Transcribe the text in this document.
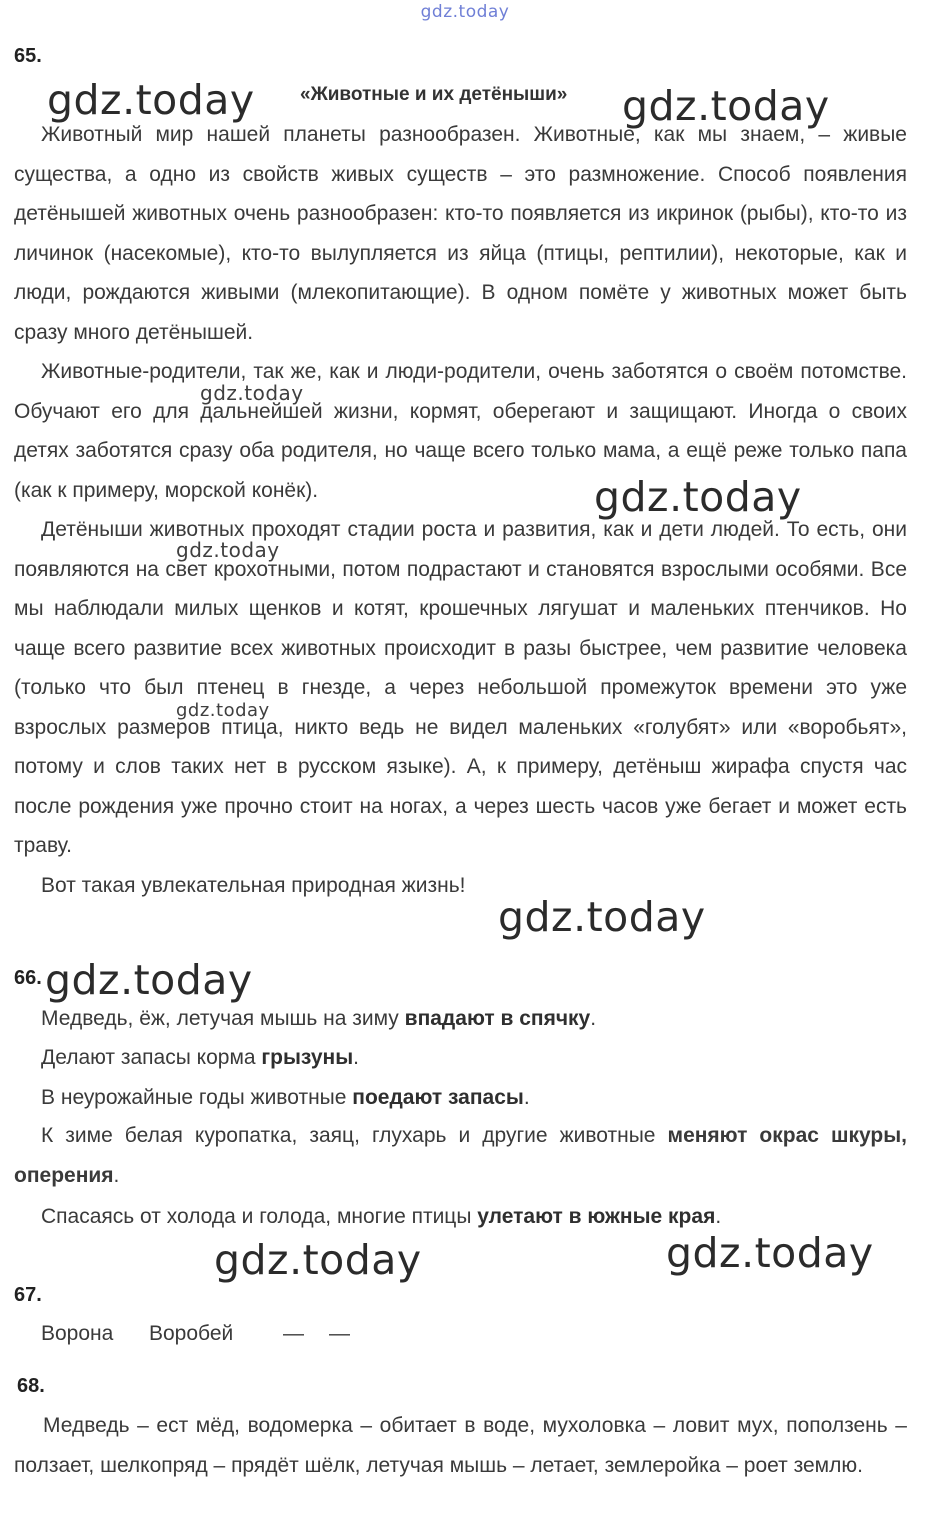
gdz.today
65.
«Животные и их детёныши»

Животный мир нашей планеты разнообразен. Животные, как мы знаем, – живые существа, а одно из свойств живых существ – это размножение. Способ появления детёнышей животных очень разнообразен: кто-то появляется из икринок (рыбы), кто-то из личинок (насекомые), кто-то вылупляется из яйца (птицы, рептилии), некоторые, как и люди, рождаются живыми (млекопитающие). В одном помёте у животных может быть сразу много детёнышей.

Животные-родители, так же, как и люди-родители, очень заботятся о своём потомстве. Обучают его для дальнейшей жизни, кормят, оберегают и защищают. Иногда о своих детях заботятся сразу оба родителя, но чаще всего только мама, а ещё реже только папа (как к примеру, морской конёк).

Детёныши животных проходят стадии роста и развития, как и дети людей. То есть, они появляются на свет крохотными, потом подрастают и становятся взрослыми особями. Все мы наблюдали милых щенков и котят, крошечных лягушат и маленьких птенчиков. Но чаще всего развитие всех животных происходит в разы быстрее, чем развитие человека (только что был птенец в гнезде, а через небольшой промежуток времени это уже взрослых размеров птица, никто ведь не видел маленьких «голубят» или «воробьят», потому и слов таких нет в русском языке). А, к примеру, детёныш жирафа спустя час после рождения уже прочно стоит на ногах, а через шесть часов уже бегает и может есть траву.

Вот такая увлекательная природная жизнь!

66.

Медведь, ёж, летучая мышь на зиму впадают в спячку.

Делают запасы корма грызуны.

В неурожайные годы животные поедают запасы.

К зиме белая куропатка, заяц, глухарь и другие животные меняют окрас шкуры, оперения.

Спасаясь от холода и голода, многие птицы улетают в южные края.

67.
Ворона	Воробей	—	—
68.

Медведь – ест мёд, водомерка – обитает в воде, мухоловка – ловит мух, поползень – ползает, шелкопряд – прядёт шёлк, летучая мышь – летает, землеройка – роет землю.

gdz.today	gdz.today
gdz.today
gdz.today
gdz.today
gdz.today
gdz.today
gdz.today
gdz.today	gdz.today
